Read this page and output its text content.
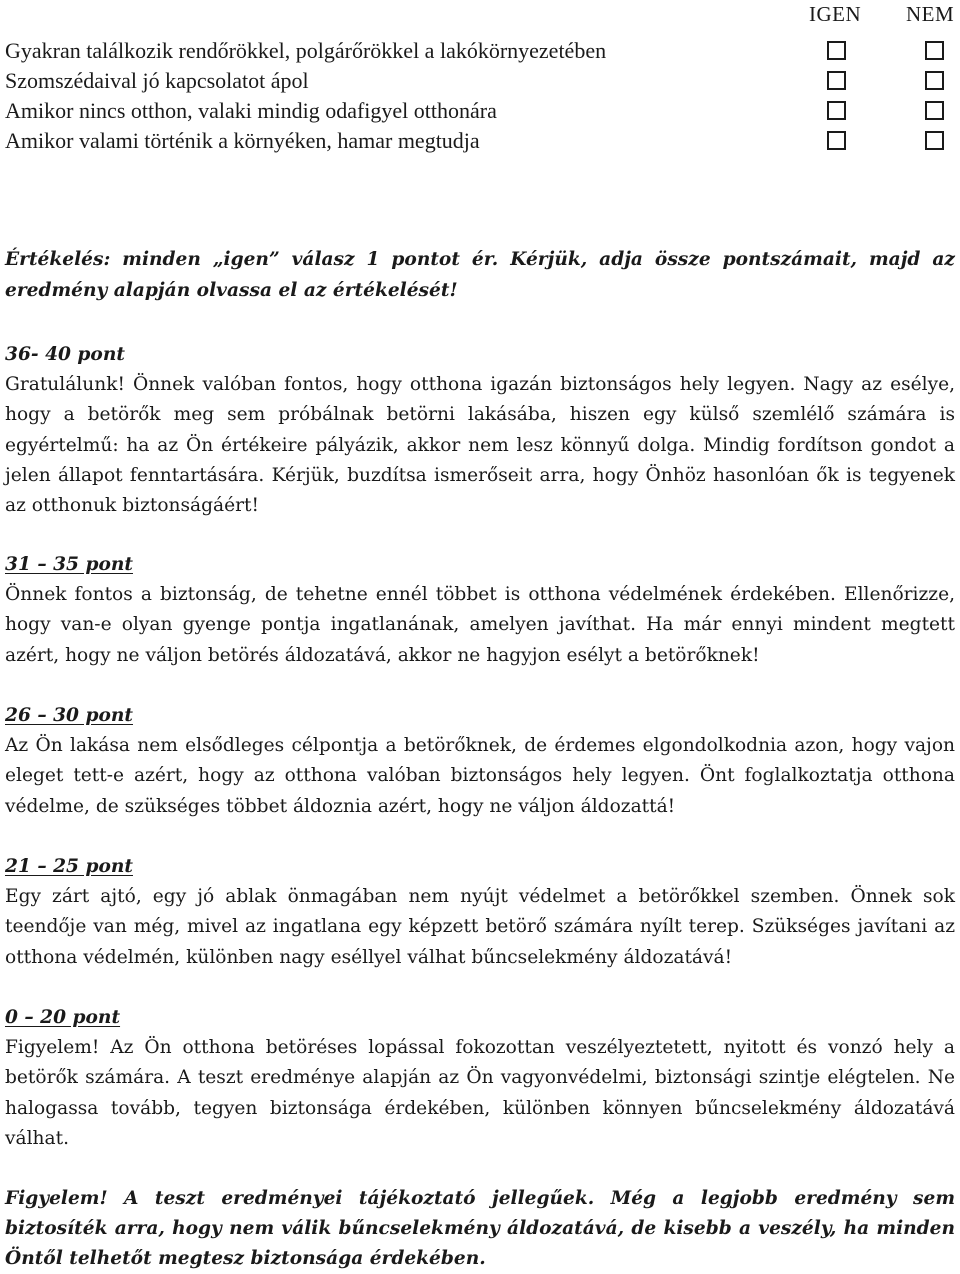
IGEN NEM
Gyakran találkozik rendőrökkel, polgárőrökkel a lakókörnyezetében
Szomszédaival jó kapcsolatot ápol
Amikor nincs otthon, valaki mindig odafigyel otthonára
Amikor valami történik a környéken, hamar megtudja

Értékelés: minden „igen” válasz 1 pontot ér. Kérjük, adja össze pontszámait, majd az eredmény alapján olvassa el az értékelését!

36- 40 pont

Gratulálunk! Önnek valóban fontos, hogy otthona igazán biztonságos hely legyen. Nagy az esélye, hogy a betörők meg sem próbálnak betörni lakásába, hiszen egy külső szemlélő számára is egyértelmű: ha az Ön értékeire pályázik, akkor nem lesz könnyű dolga. Mindig fordítson gondot a jelen állapot fenntartására. Kérjük, buzdítsa ismerőseit arra, hogy Önhöz hasonlóan ők is tegyenek az otthonuk biztonságáért!

31 – 35 pont

Önnek fontos a biztonság, de tehetne ennél többet is otthona védelmének érdekében. Ellenőrizze, hogy van-e olyan gyenge pontja ingatlanának, amelyen javíthat. Ha már ennyi mindent megtett azért, hogy ne váljon betörés áldozatává, akkor ne hagyjon esélyt a betörőknek!

26 – 30 pont

Az Ön lakása nem elsődleges célpontja a betörőknek, de érdemes elgondolkodnia azon, hogy vajon eleget tett-e azért, hogy az otthona valóban biztonságos hely legyen. Önt foglalkoztatja otthona védelme, de szükséges többet áldoznia azért, hogy ne váljon áldozattá!

21 – 25 pont

Egy zárt ajtó, egy jó ablak önmagában nem nyújt védelmet a betörőkkel szemben. Önnek sok teendője van még, mivel az ingatlana egy képzett betörő számára nyílt terep. Szükséges javítani az otthona védelmén, különben nagy eséllyel válhat bűncselekmény áldozatává!

0 – 20 pont

Figyelem! Az Ön otthona betöréses lopással fokozottan veszélyeztetett, nyitott és vonzó hely a betörők számára. A teszt eredménye alapján az Ön vagyonvédelmi, biztonsági szintje elégtelen. Ne halogassa tovább, tegyen biztonsága érdekében, különben könnyen bűncselekmény áldozatává válhat.

Figyelem! A teszt eredményei tájékoztató jellegűek. Még a legjobb eredmény sem biztosíték arra, hogy nem válik bűncselekmény áldozatává, de kisebb a veszély, ha minden Öntől telhetőt megtesz biztonsága érdekében.
